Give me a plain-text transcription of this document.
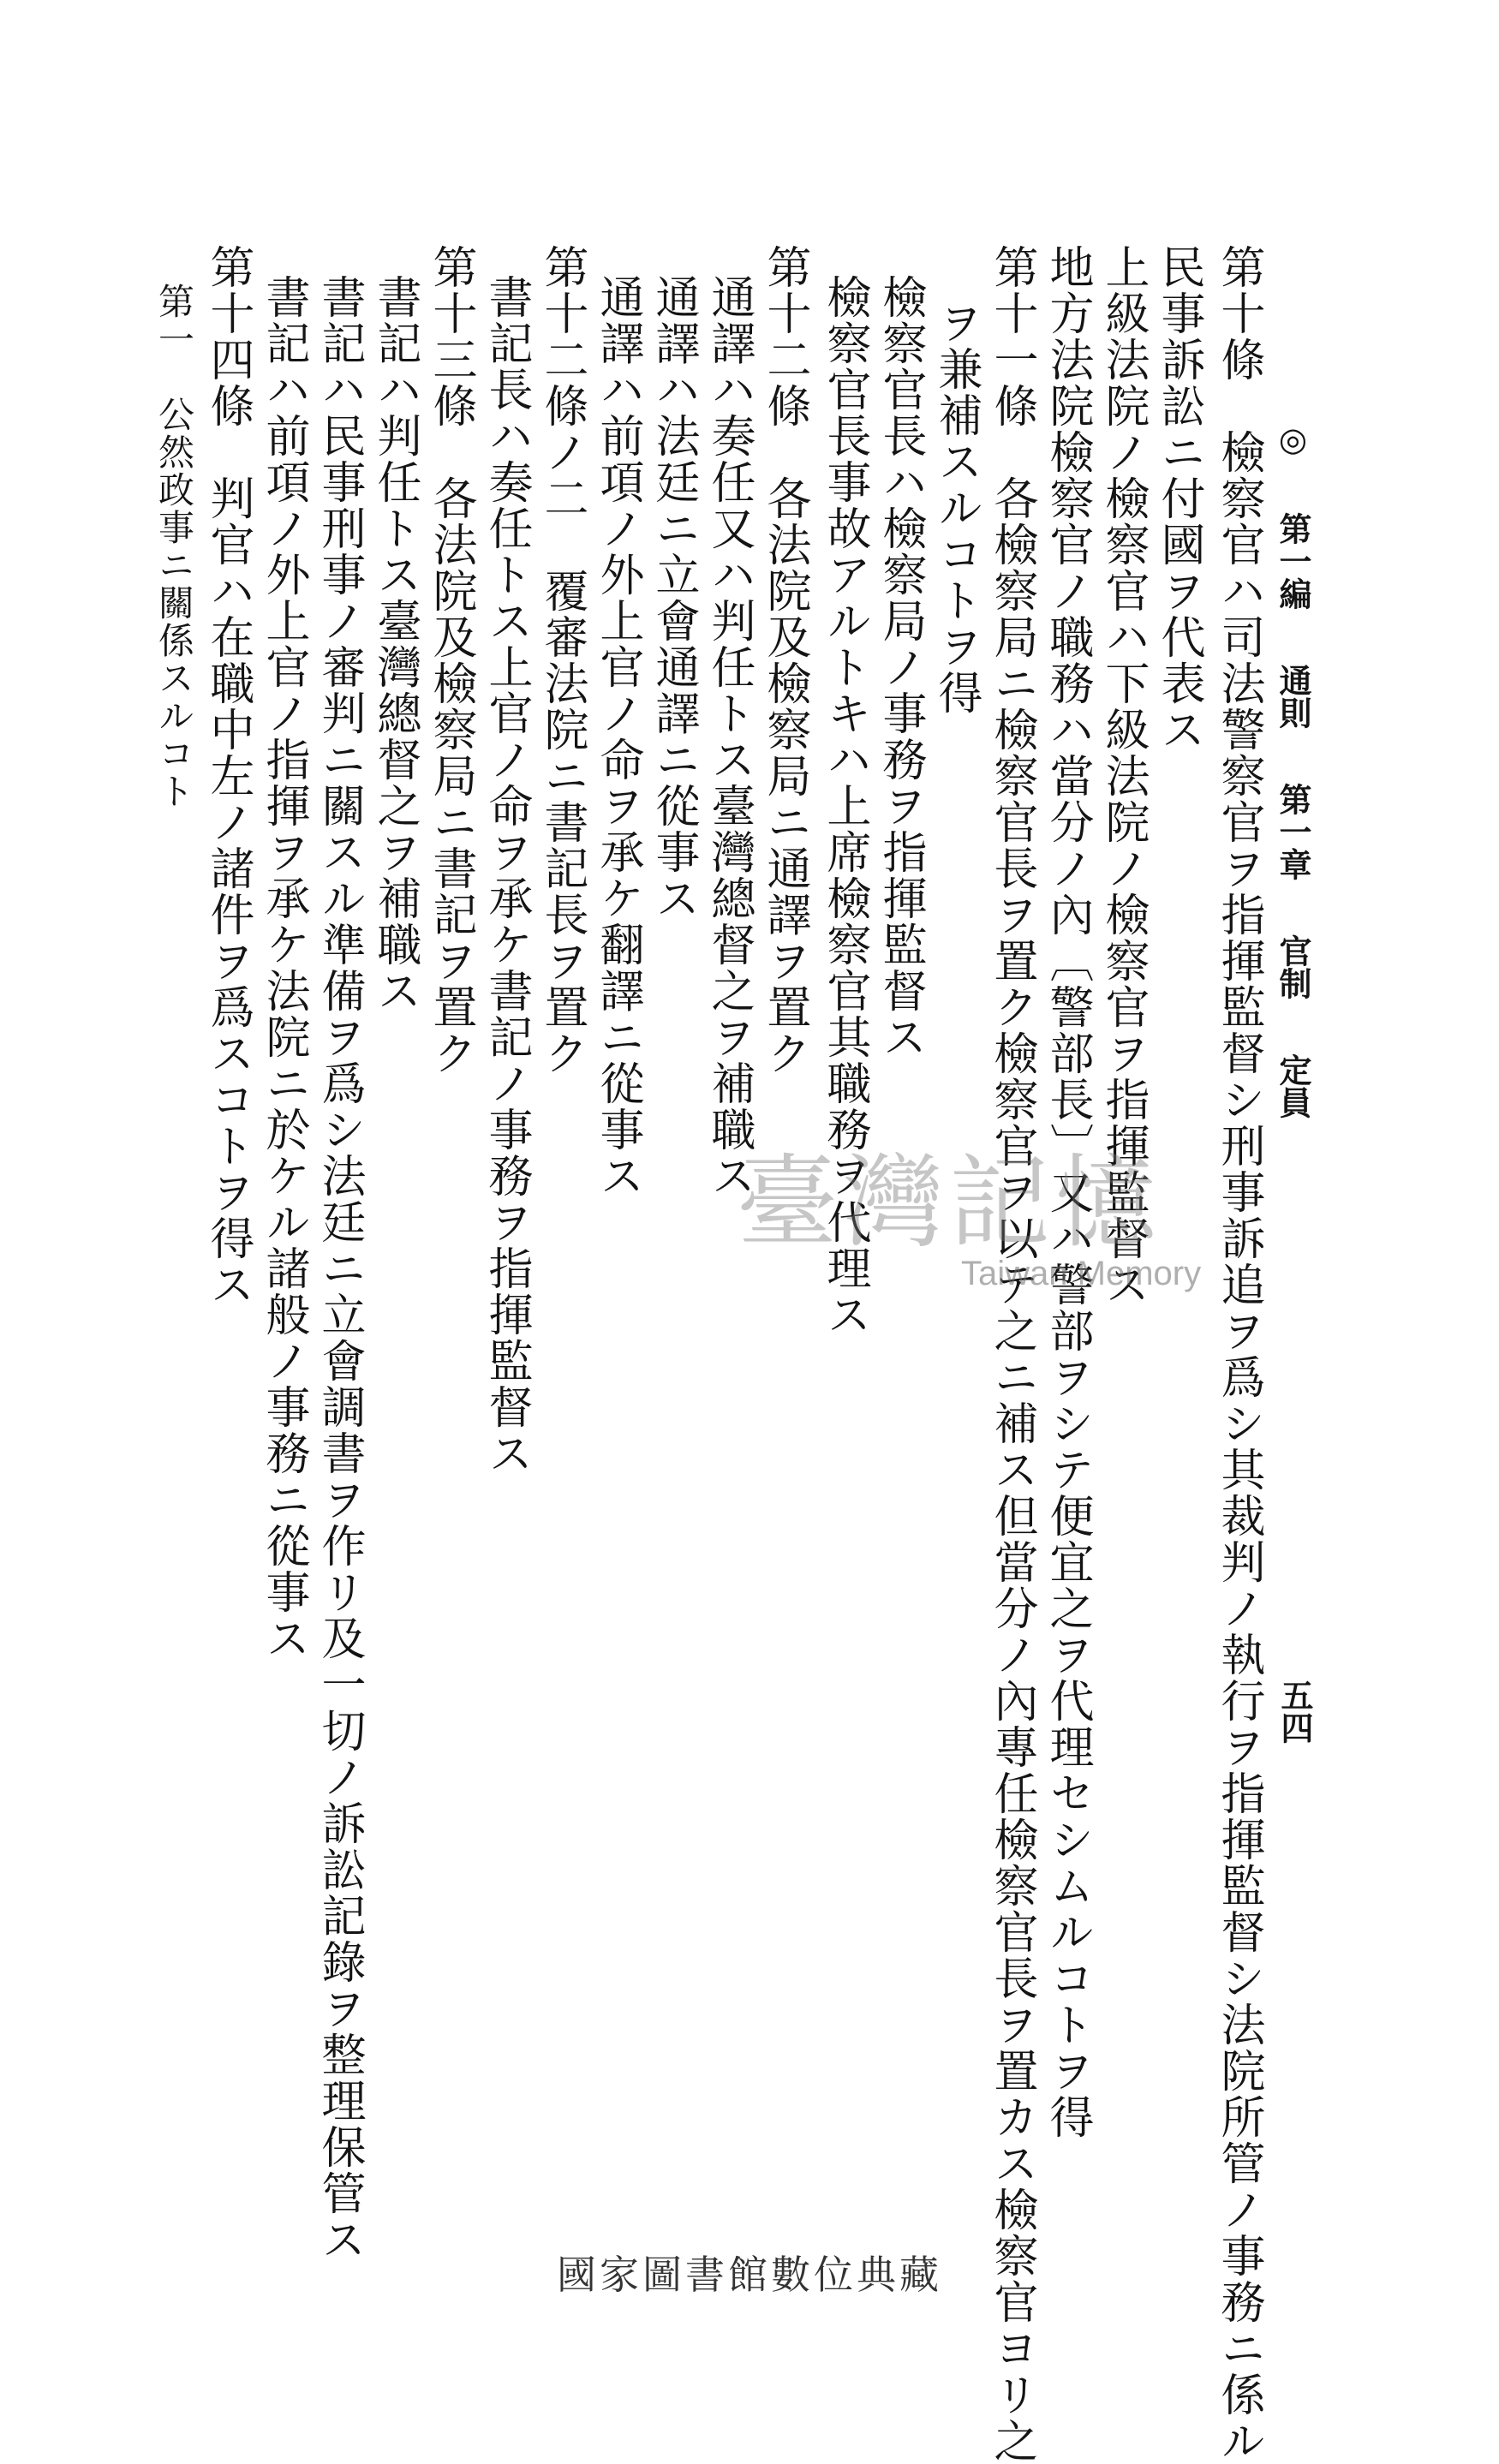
◎ 第一編 通則 第一章 官制 定員
五四
第十條　檢察官ハ司法警察官ヲ指揮監督シ刑事訴追ヲ爲シ其裁判ノ執行ヲ指揮監督シ法院所管ノ事務ニ係ル
民事訴訟ニ付國ヲ代表ス
上級法院ノ檢察官ハ下級法院ノ檢察官ヲ指揮監督ス
地方法院檢察官ノ職務ハ當分ノ內〔警部長〕又ハ警部ヲシテ便宜之ヲ代理セシムルコトヲ得
第十一條　各檢察局ニ檢察官長ヲ置ク檢察官ヲ以テ之ニ補ス但當分ノ內專任檢察官長ヲ置カス檢察官ヨリ之
ヲ兼補スルコトヲ得
檢察官長ハ檢察局ノ事務ヲ指揮監督ス
檢察官長事故アルトキハ上席檢察官其職務ヲ代理ス
第十二條　各法院及檢察局ニ通譯ヲ置ク
通譯ハ奏任又ハ判任トス臺灣總督之ヲ補職ス
通譯ハ法廷ニ立會通譯ニ從事ス
通譯ハ前項ノ外上官ノ命ヲ承ケ翻譯ニ從事ス
第十二條ノ二　覆審法院ニ書記長ヲ置ク
書記長ハ奏任トス上官ノ命ヲ承ケ書記ノ事務ヲ指揮監督ス
第十三條　各法院及檢察局ニ書記ヲ置ク
書記ハ判任トス臺灣總督之ヲ補職ス
書記ハ民事刑事ノ審判ニ關スル準備ヲ爲シ法廷ニ立會調書ヲ作リ及一切ノ訴訟記錄ヲ整理保管ス
書記ハ前項ノ外上官ノ指揮ヲ承ケ法院ニ於ケル諸般ノ事務ニ從事ス
第十四條　判官ハ在職中左ノ諸件ヲ爲スコトヲ得ス
第一　公然政事ニ關係スルコト
臺灣記憶
Taiwan Memory
國家圖書館數位典藏
